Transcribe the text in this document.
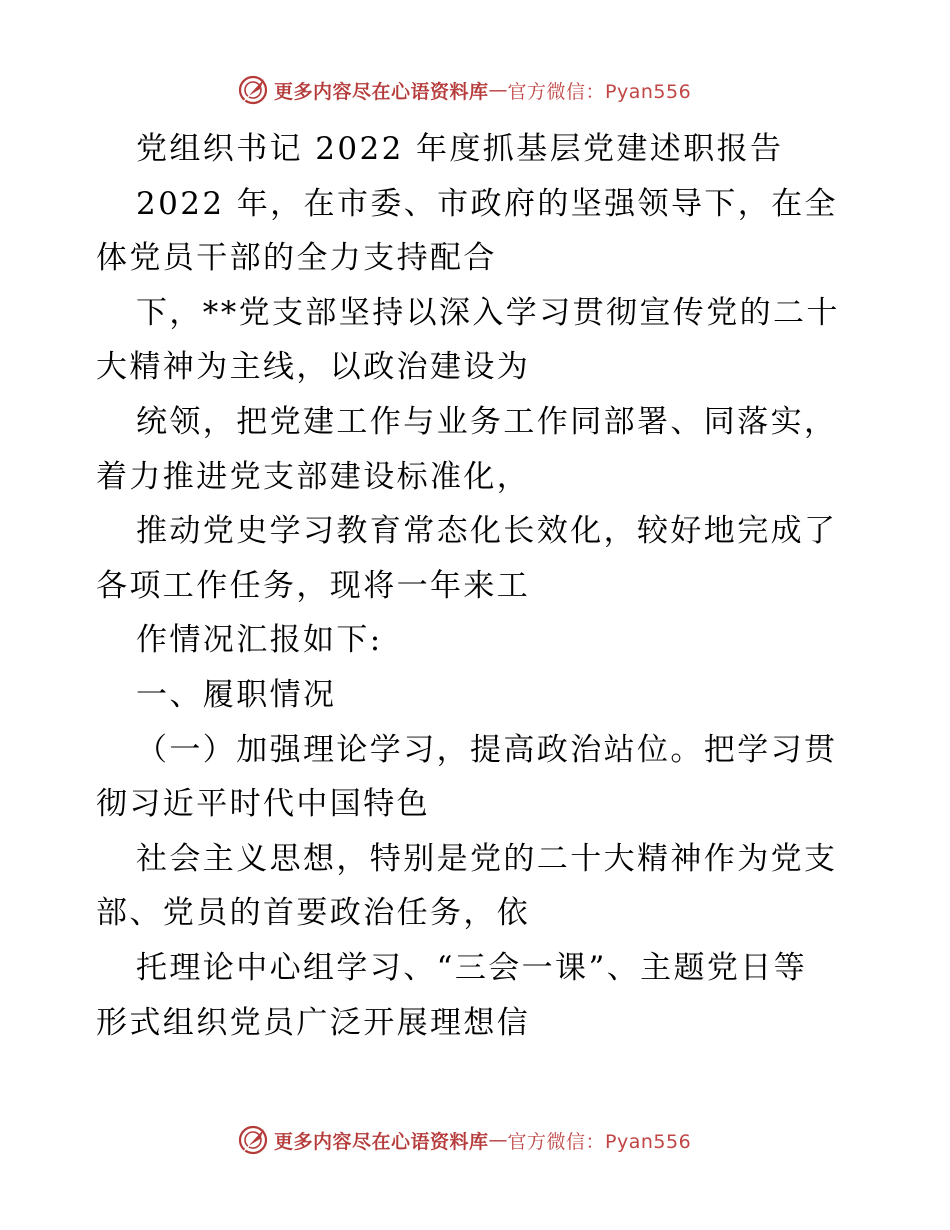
更多内容尽在心语资料库 — 官方微信：Pyan556
党组织书记 2022 年度抓基层党建述职报告
2022 年，在市委、市政府的坚强领导下，在全
体党员干部的全力支持配合
下，**党支部坚持以深入学习贯彻宣传党的二十
大精神为主线，以政治建设为
统领，把党建工作与业务工作同部署、同落实，
着力推进党支部建设标准化，
推动党史学习教育常态化长效化，较好地完成了
各项工作任务，现将一年来工
作情况汇报如下:
一、履职情况
（一）加强理论学习，提高政治站位。把学习贯
彻习近平时代中国特色
社会主义思想，特别是党的二十大精神作为党支
部、党员的首要政治任务，依
托理论中心组学习、“三会一课”、主题党日等
形式组织党员广泛开展理想信
更多内容尽在心语资料库 — 官方微信：Pyan556
